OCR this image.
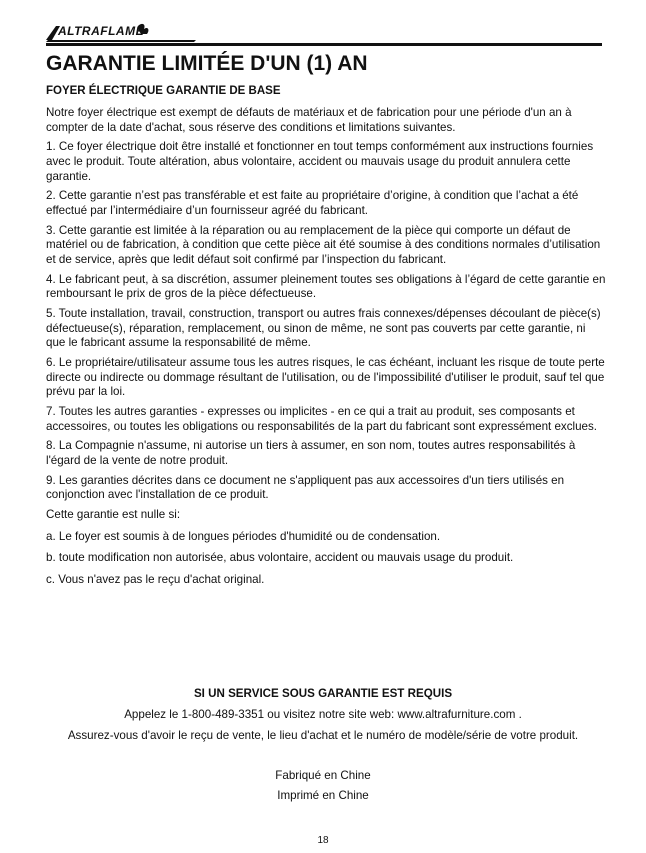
ALTRAFLAME
GARANTIE LIMITÉE D'UN (1) AN
FOYER ÉLECTRIQUE GARANTIE DE BASE

Notre foyer électrique est exempt de défauts de matériaux et de fabrication pour une période d'un an à compter de la date d'achat, sous réserve des conditions et limitations suivantes.

1. Ce foyer électrique doit être installé et fonctionner en tout temps conformément aux instructions fournies avec le produit. Toute altération, abus volontaire, accident ou mauvais usage du produit annulera cette garantie.

2. Cette garantie n’est pas transférable et est faite au propriétaire d’origine, à condition que l’achat a été effectué par l’intermédiaire d’un fournisseur agréé du fabricant.

3. Cette garantie est limitée à la réparation ou au remplacement de la pièce qui comporte un défaut de matériel ou de fabrication, à condition que cette pièce ait été soumise à des conditions normales d’utilisation et de service, après que ledit défaut soit confirmé par l’inspection du fabricant.

4. Le fabricant peut, à sa discrétion, assumer pleinement toutes ses obligations à l’égard de cette garantie en remboursant le prix de gros de la pièce défectueuse.

5. Toute installation, travail, construction, transport ou autres frais connexes/dépenses découlant de pièce(s) défectueuse(s), réparation, remplacement, ou sinon de même, ne sont pas couverts par cette garantie, ni que le fabricant assume la responsabilité de même.

6. Le propriétaire/utilisateur assume tous les autres risques, le cas échéant, incluant les risque de toute perte directe ou indirecte ou dommage résultant de l'utilisation, ou de l'impossibilité d'utiliser le produit, sauf tel que prévu par la loi.

7. Toutes les autres garanties - expresses ou implicites - en ce qui a trait au produit, ses composants et accessoires, ou toutes les obligations ou responsabilités de la part du fabricant sont expressément exclues.

8. La Compagnie n'assume, ni autorise un tiers à assumer, en son nom, toutes autres responsabilités à l'égard de la vente de notre produit.

9. Les garanties décrites dans ce document ne s'appliquent pas aux accessoires d'un tiers utilisés en conjonction avec l'installation de ce produit.

Cette garantie est nulle si:

a. Le foyer est soumis à de longues périodes d'humidité ou de condensation.

b. toute modification non autorisée, abus volontaire, accident ou mauvais usage du produit.

c. Vous n'avez pas le reçu d'achat original.

SI UN SERVICE SOUS GARANTIE EST REQUIS
Appelez le 1-800-489-3351 ou visitez notre site web: www.altrafurniture.com .
Assurez-vous d'avoir le reçu de vente, le lieu d'achat et le numéro de modèle/série de votre produit.
Fabriqué en Chine
Imprimé en Chine
18
